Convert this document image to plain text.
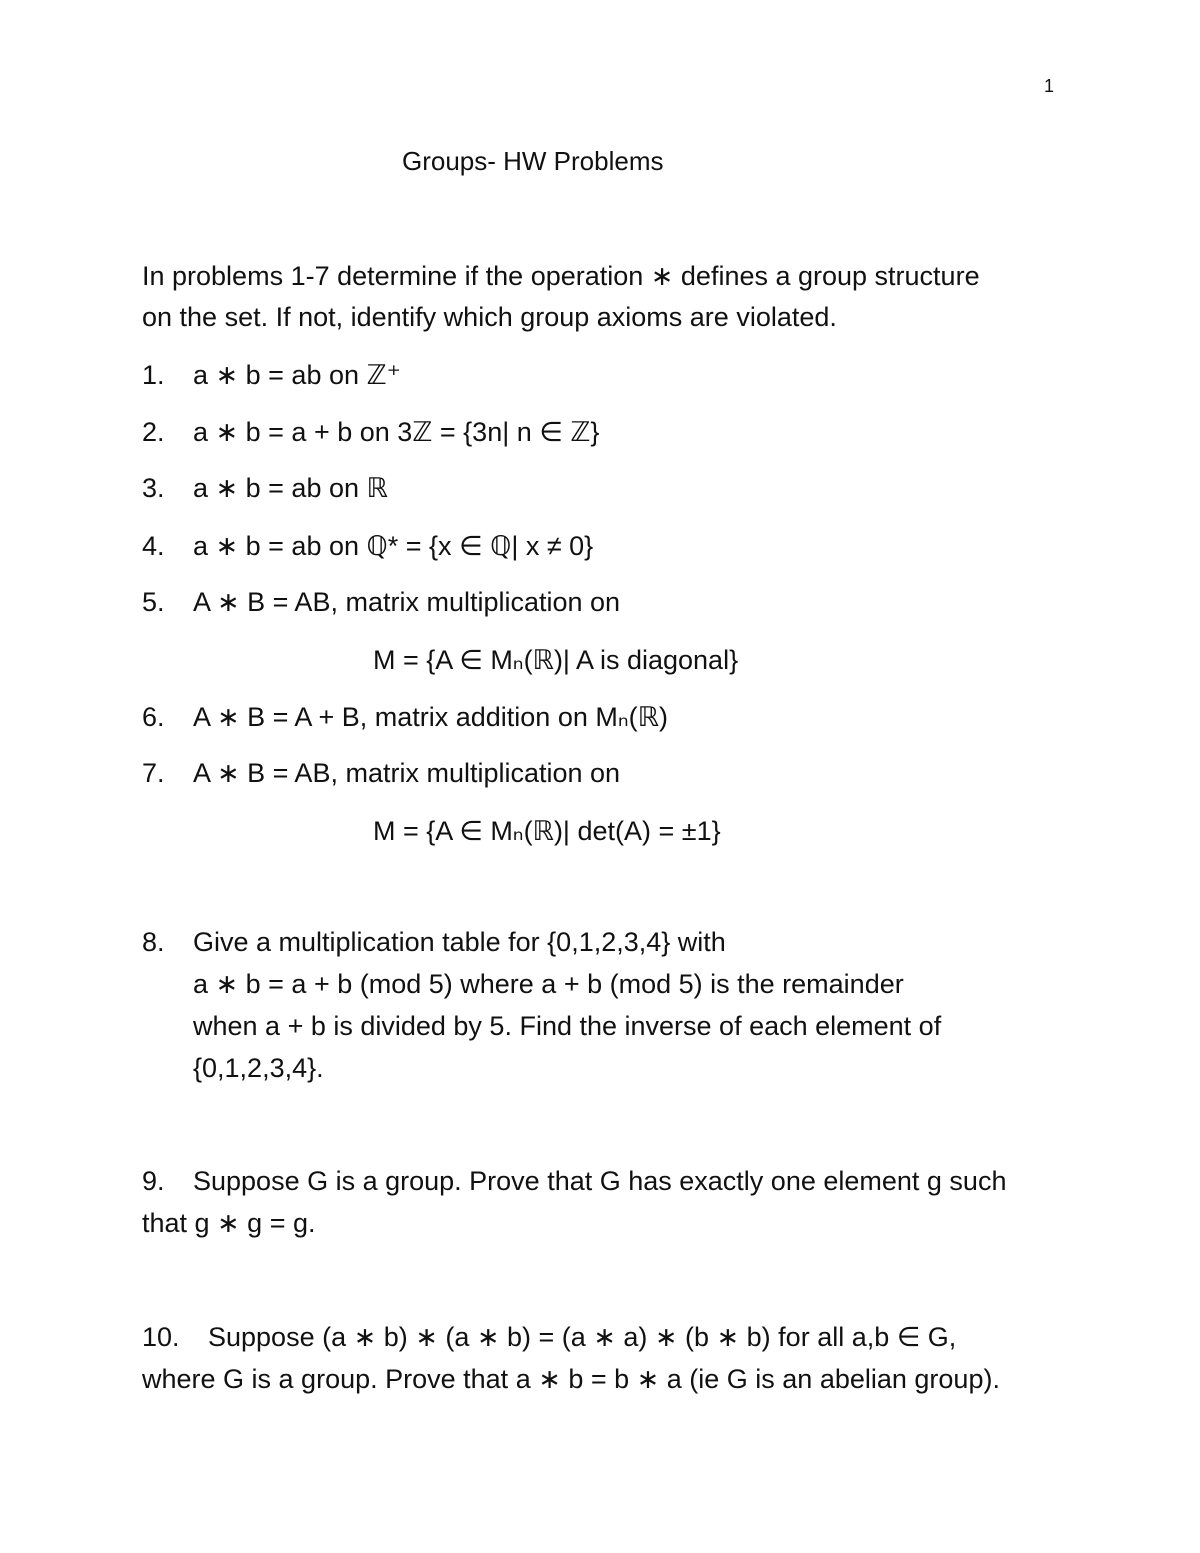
1
Groups- HW Problems
In problems 1-7 determine if the operation ∗ defines a group structure
on the set. If not, identify which group axioms are violated.
1. a ∗ b = ab on ℤ⁺
2. a ∗ b = a + b on 3ℤ = {3n| n ∈ ℤ}
3. a ∗ b = ab on ℝ
4. a ∗ b = ab on ℚ* = {x ∈ ℚ| x ≠ 0}
5. A ∗ B = AB, matrix multiplication on
M = {A ∈ Mₙ(ℝ)| A is diagonal}
6. A ∗ B = A + B, matrix addition on Mₙ(ℝ)
7. A ∗ B = AB, matrix multiplication on
M = {A ∈ Mₙ(ℝ)| det(A) = ±1}
8. Give a multiplication table for {0,1,2,3,4} with
a ∗ b = a + b (mod 5) where a + b (mod 5) is the remainder
when a + b is divided by 5. Find the inverse of each element of
{0,1,2,3,4}.
9. Suppose G is a group. Prove that G has exactly one element g such
that g ∗ g = g.
10. Suppose (a ∗ b) ∗ (a ∗ b) = (a ∗ a) ∗ (b ∗ b) for all a,b ∈ G,
where G is a group. Prove that a ∗ b = b ∗ a (ie G is an abelian group).
